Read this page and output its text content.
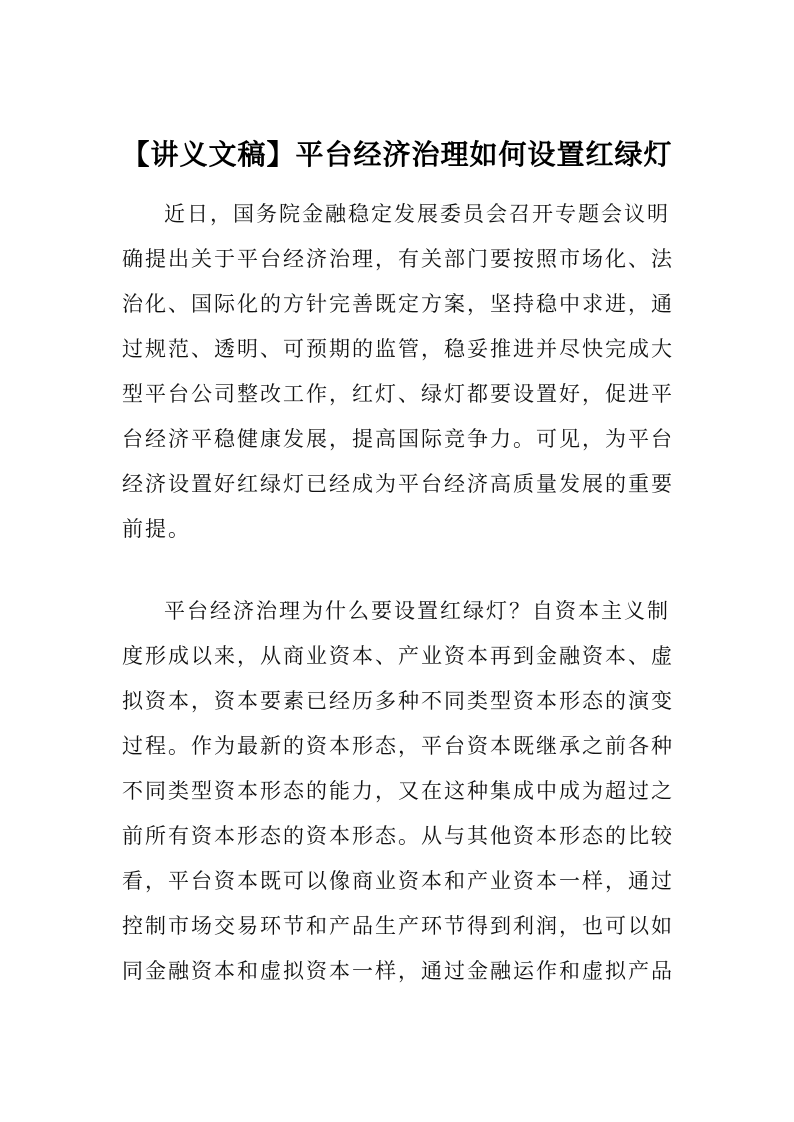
【讲义文稿】平台经济治理如何设置红绿灯

近日，国务院金融稳定发展委员会召开专题会议明确提出关于平台经济治理，有关部门要按照市场化、法治化、国际化的方针完善既定方案，坚持稳中求进，通过规范、透明、可预期的监管，稳妥推进并尽快完成大型平台公司整改工作，红灯、绿灯都要设置好，促进平台经济平稳健康发展，提高国际竞争力。可见，为平台经济设置好红绿灯已经成为平台经济高质量发展的重要前提。

平台经济治理为什么要设置红绿灯？自资本主义制度形成以来，从商业资本、产业资本再到金融资本、虚拟资本，资本要素已经历多种不同类型资本形态的演变过程。作为最新的资本形态，平台资本既继承之前各种不同类型资本形态的能力，又在这种集成中成为超过之前所有资本形态的资本形态。从与其他资本形态的比较看，平台资本既可以像商业资本和产业资本一样，通过控制市场交易环节和产品生产环节得到利润，也可以如同金融资本和虚拟资本一样，通过金融运作和虚拟产品
